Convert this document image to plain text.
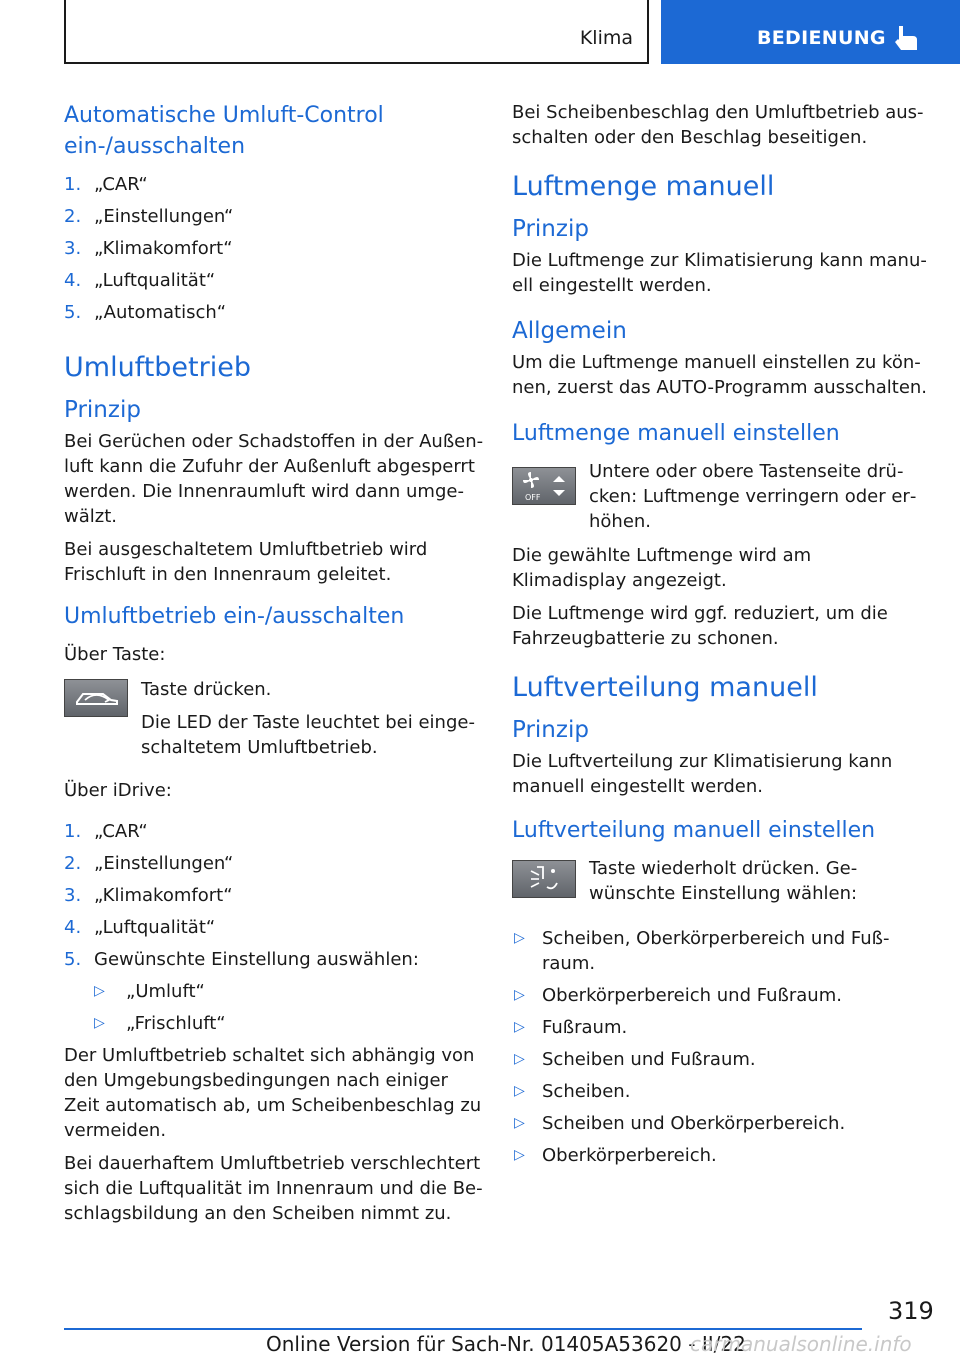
Klima	BEDIENUNG
Automatische Umluft-Control ein-/ausschalten
1. „CAR“
2. „Einstellungen“
3. „Klimakomfort“
4. „Luftqualität“
5. „Automatisch“
Umluftbetrieb
Prinzip

Bei Gerüchen oder Schadstoffen in der Außenluft kann die Zufuhr der Außenluft abgesperrt werden. Die Innenraumluft wird dann umgewälzt.

Bei ausgeschaltetem Umluftbetrieb wird Frischluft in den Innenraum geleitet.

Umluftbetrieb ein-/ausschalten

Über Taste:

Taste drücken.

Die LED der Taste leuchtet bei eingeschaltetem Umluftbetrieb.

Über iDrive:

1. „CAR“
2. „Einstellungen“
3. „Klimakomfort“
4. „Luftqualität“
5. Gewünschte Einstellung auswählen:
▷ „Umluft“
▷ „Frischluft“

Der Umluftbetrieb schaltet sich abhängig von den Umgebungsbedingungen nach einiger Zeit automatisch ab, um Scheibenbeschlag zu vermeiden.

Bei dauerhaftem Umluftbetrieb verschlechtert sich die Luftqualität im Innenraum und die Beschlagsbildung an den Scheiben nimmt zu.

Bei Scheibenbeschlag den Umluftbetrieb ausschalten oder den Beschlag beseitigen.

Luftmenge manuell
Prinzip

Die Luftmenge zur Klimatisierung kann manuell eingestellt werden.

Allgemein

Um die Luftmenge manuell einstellen zu können, zuerst das AUTO-Programm ausschalten.

Luftmenge manuell einstellen
OFF

Untere oder obere Tastenseite drücken: Luftmenge verringern oder erhöhen.

Die gewählte Luftmenge wird am Klimadisplay angezeigt.

Die Luftmenge wird ggf. reduziert, um die Fahrzeugbatterie zu schonen.

Luftverteilung manuell
Prinzip

Die Luftverteilung zur Klimatisierung kann manuell eingestellt werden.

Luftverteilung manuell einstellen

Taste wiederholt drücken. Gewünschte Einstellung wählen:

▷ Scheiben, Oberkörperbereich und Fußraum.
▷ Oberkörperbereich und Fußraum.
▷ Fußraum.
▷ Scheiben und Fußraum.
▷ Scheiben.
▷ Scheiben und Oberkörperbereich.
▷ Oberkörperbereich.
319
Online Version für Sach-Nr. 01405A53620 - II/22
carmanualsonline.info
